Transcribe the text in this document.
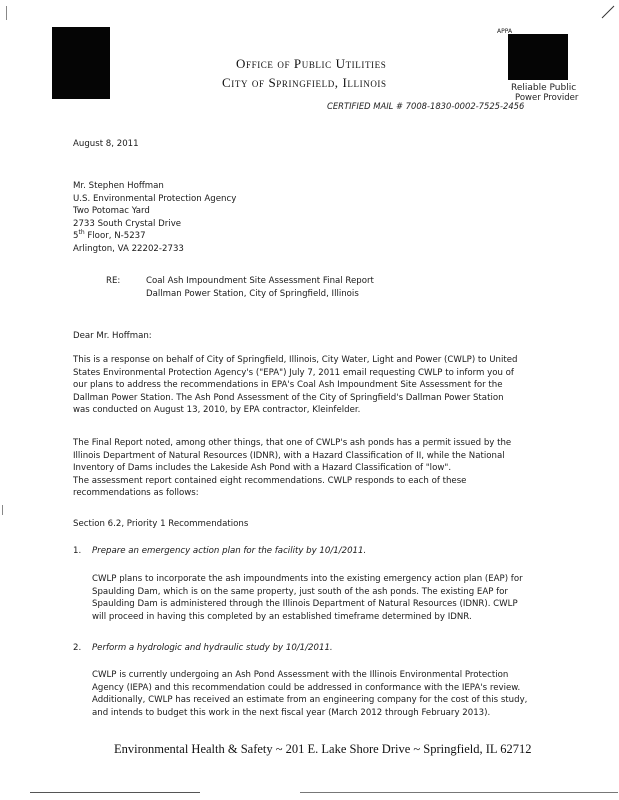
Office of Public Utilities
City of Springfield, Illinois
APPA
Reliable Public
Power Provider
CERTIFIED MAIL # 7008-1830-0002-7525-2456
August 8, 2011
Mr. Stephen Hoffman
U.S. Environmental Protection Agency
Two Potomac Yard
2733 South Crystal Drive
5th Floor, N-5237
Arlington, VA 22202-2733
RE:	Coal Ash Impoundment Site Assessment Final Report
Dallman Power Station, City of Springfield, Illinois
Dear Mr. Hoffman:
This is a response on behalf of City of Springfield, Illinois, City Water, Light and Power (CWLP) to United
States Environmental Protection Agency's ("EPA") July 7, 2011 email requesting CWLP to inform you of
our plans to address the recommendations in EPA's Coal Ash Impoundment Site Assessment for the
Dallman Power Station. The Ash Pond Assessment of the City of Springfield's Dallman Power Station
was conducted on August 13, 2010, by EPA contractor, Kleinfelder.
The Final Report noted, among other things, that one of CWLP's ash ponds has a permit issued by the
Illinois Department of Natural Resources (IDNR), with a Hazard Classification of II, while the National
Inventory of Dams includes the Lakeside Ash Pond with a Hazard Classification of "low".
The assessment report contained eight recommendations. CWLP responds to each of these
recommendations as follows:
Section 6.2, Priority 1 Recommendations
1. Prepare an emergency action plan for the facility by 10/1/2011.
CWLP plans to incorporate the ash impoundments into the existing emergency action plan (EAP) for
Spaulding Dam, which is on the same property, just south of the ash ponds. The existing EAP for
Spaulding Dam is administered through the Illinois Department of Natural Resources (IDNR). CWLP
will proceed in having this completed by an established timeframe determined by IDNR.
2. Perform a hydrologic and hydraulic study by 10/1/2011.
CWLP is currently undergoing an Ash Pond Assessment with the Illinois Environmental Protection
Agency (IEPA) and this recommendation could be addressed in conformance with the IEPA's review.
Additionally, CWLP has received an estimate from an engineering company for the cost of this study,
and intends to budget this work in the next fiscal year (March 2012 through February 2013).
Environmental Health & Safety ~ 201 E. Lake Shore Drive ~ Springfield, IL 62712
